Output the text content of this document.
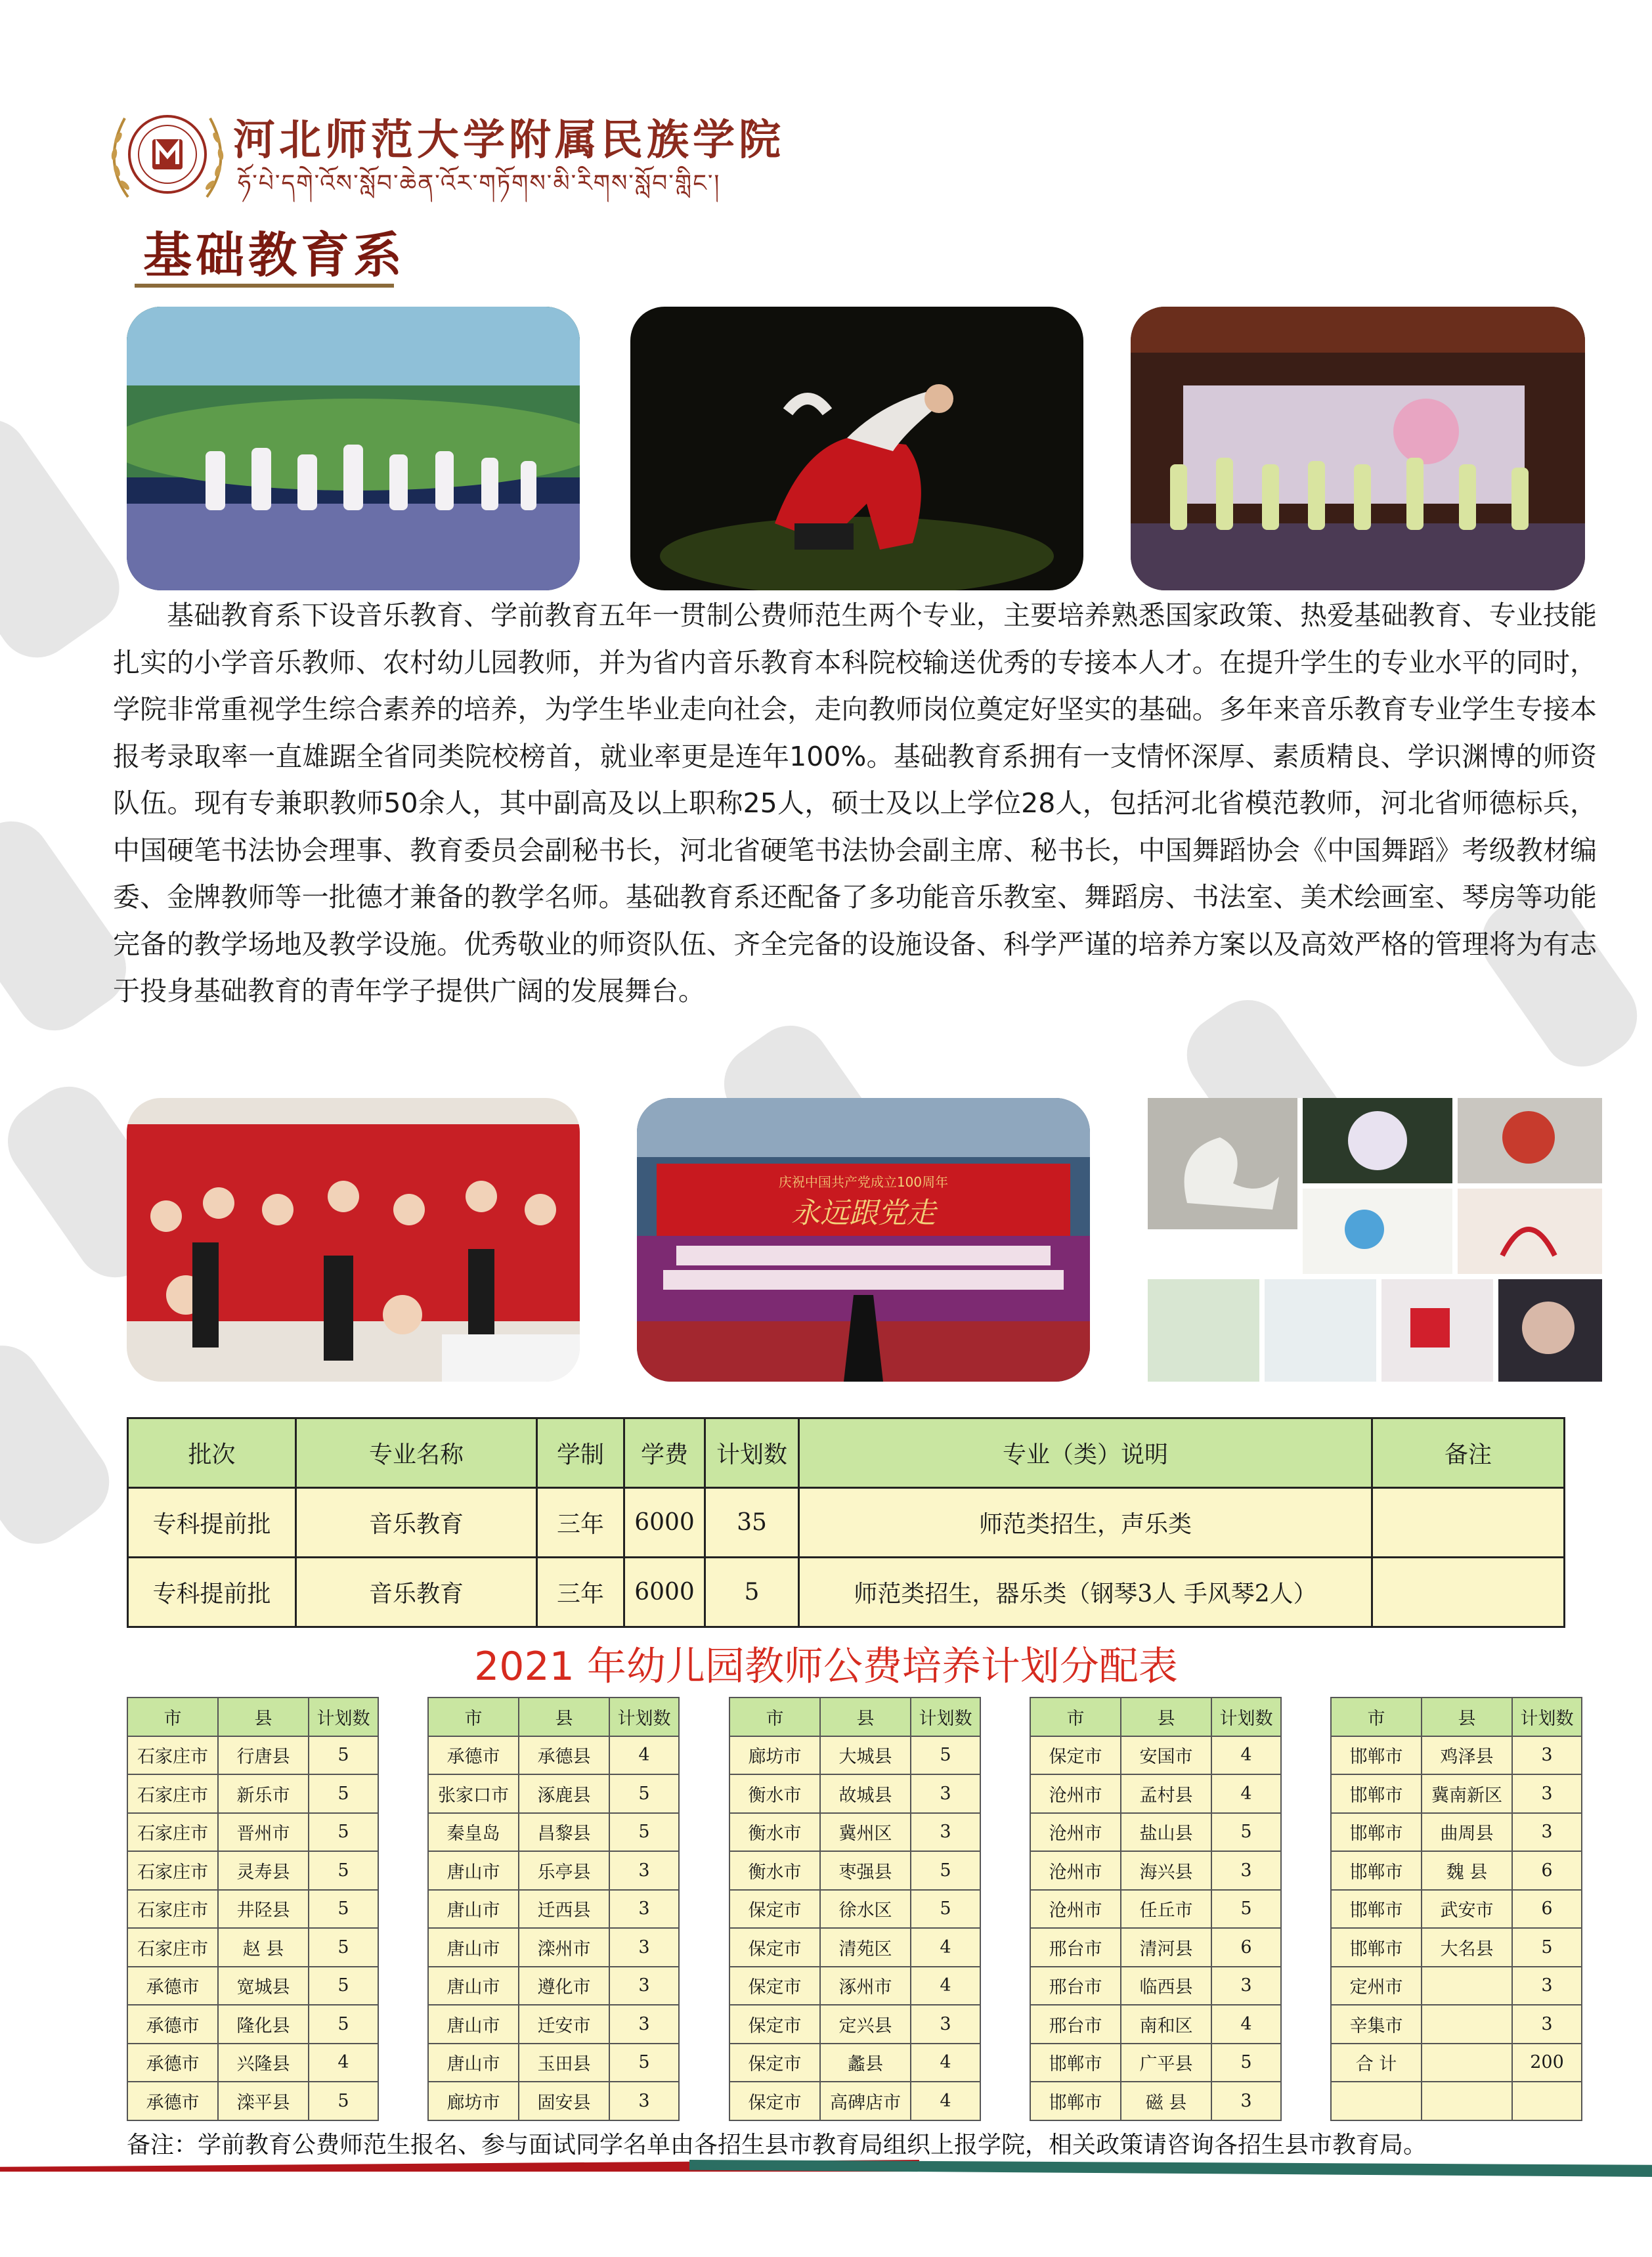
河北师范大学附属民族学院
ཧོ་པེ་དགེ་འོས་སློབ་ཆེན་འོར་གཏོགས་མི་རིགས་སློབ་གླིང་།
基础教育系
基础教育系下设音乐教育、学前教育五年一贯制公费师范生两个专业，主要培养熟悉国家政策、热爱基础教育、专业技能扎实的小学音乐教师、农村幼儿园教师，并为省内音乐教育本科院校输送优秀的专接本人才。在提升学生的专业水平的同时，学院非常重视学生综合素养的培养，为学生毕业走向社会，走向教师岗位奠定好坚实的基础。多年来音乐教育专业学生专接本报考录取率一直雄踞全省同类院校榜首，就业率更是连年100%。基础教育系拥有一支情怀深厚、素质精良、学识渊博的师资队伍。现有专兼职教师50余人，其中副高及以上职称25人，硕士及以上学位28人，包括河北省模范教师，河北省师德标兵，中国硬笔书法协会理事、教育委员会副秘书长，河北省硬笔书法协会副主席、秘书长，中国舞蹈协会《中国舞蹈》考级教材编委、金牌教师等一批德才兼备的教学名师。基础教育系还配备了多功能音乐教室、舞蹈房、书法室、美术绘画室、琴房等功能完备的教学场地及教学设施。优秀敬业的师资队伍、齐全完备的设施设备、科学严谨的培养方案以及高效严格的管理将为有志于投身基础教育的青年学子提供广阔的发展舞台。
庆祝中国共产党成立100周年
永远跟党走
批次	专业名称	学制	学费	计划数	专业（类）说明	备注
专科提前批	音乐教育	三年	6000	35	师范类招生，声乐类	
专科提前批	音乐教育	三年	6000	5	师范类招生，器乐类（钢琴3人 手风琴2人）	
2021 年幼儿园教师公费培养计划分配表
市	县	计划数
石家庄市	行唐县	5
石家庄市	新乐市	5
石家庄市	晋州市	5
石家庄市	灵寿县	5
石家庄市	井陉县	5
石家庄市	赵 县	5
承德市	宽城县	5
承德市	隆化县	5
承德市	兴隆县	4
承德市	滦平县	5
市	县	计划数
承德市	承德县	4
张家口市	涿鹿县	5
秦皇岛	昌黎县	5
唐山市	乐亭县	3
唐山市	迁西县	3
唐山市	滦州市	3
唐山市	遵化市	3
唐山市	迁安市	3
唐山市	玉田县	5
廊坊市	固安县	3
市	县	计划数
廊坊市	大城县	5
衡水市	故城县	3
衡水市	冀州区	3
衡水市	枣强县	5
保定市	徐水区	5
保定市	清苑区	4
保定市	涿州市	4
保定市	定兴县	3
保定市	蠡县	4
保定市	高碑店市	4
市	县	计划数
保定市	安国市	4
沧州市	孟村县	4
沧州市	盐山县	5
沧州市	海兴县	3
沧州市	任丘市	5
邢台市	清河县	6
邢台市	临西县	3
邢台市	南和区	4
邯郸市	广平县	5
邯郸市	磁 县	3
市	县	计划数
邯郸市	鸡泽县	3
邯郸市	冀南新区	3
邯郸市	曲周县	3
邯郸市	魏 县	6
邯郸市	武安市	6
邯郸市	大名县	5
定州市		3
辛集市		3
合 计		200

备注：学前教育公费师范生报名、参与面试同学名单由各招生县市教育局组织上报学院，相关政策请咨询各招生县市教育局。
